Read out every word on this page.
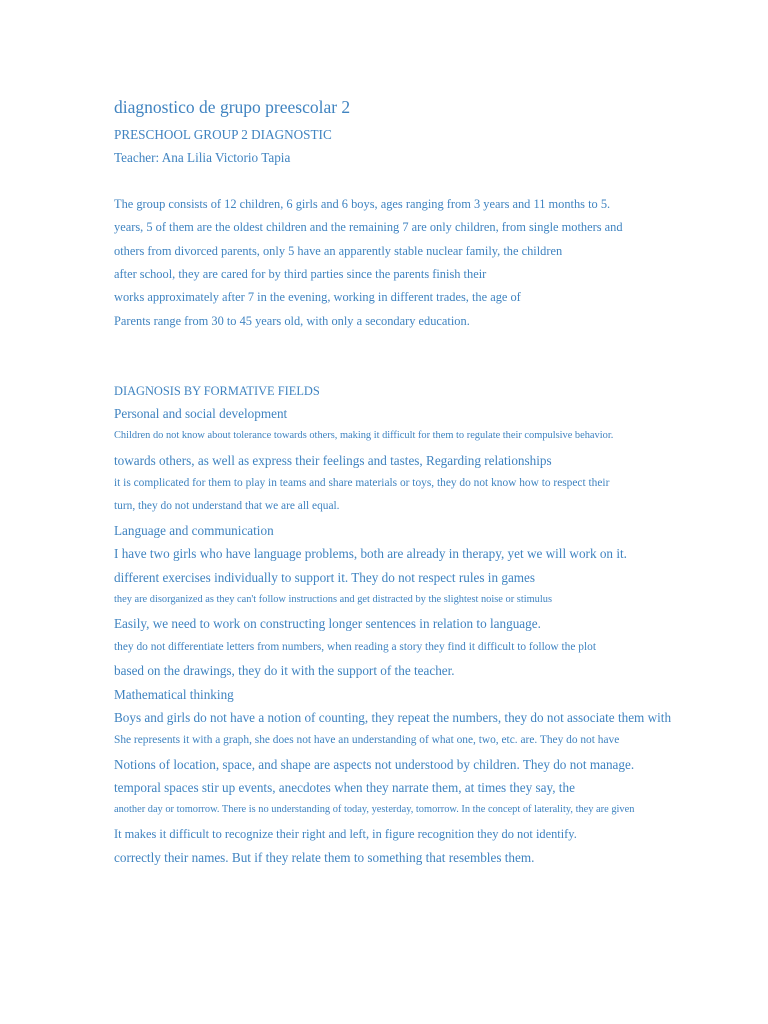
diagnostico de grupo preescolar 2
PRESCHOOL GROUP 2 DIAGNOSTIC
Teacher: Ana Lilia Victorio Tapia
The group consists of 12 children, 6 girls and 6 boys, ages ranging from 3 years and 11 months to 5.
years, 5 of them are the oldest children and the remaining 7 are only children, from single mothers and
others from divorced parents, only 5 have an apparently stable nuclear family, the children
after school, they are cared for by third parties since the parents finish their
works approximately after 7 in the evening, working in different trades, the age of
Parents range from 30 to 45 years old, with only a secondary education.
DIAGNOSIS BY FORMATIVE FIELDS
Personal and social development
Children do not know about tolerance towards others, making it difficult for them to regulate their compulsive behavior.
towards others, as well as express their feelings and tastes, Regarding relationships
it is complicated for them to play in teams and share materials or toys, they do not know how to respect their
turn, they do not understand that we are all equal.
Language and communication
I have two girls who have language problems, both are already in therapy, yet we will work on it.
different exercises individually to support it. They do not respect rules in games
they are disorganized as they can't follow instructions and get distracted by the slightest noise or stimulus
Easily, we need to work on constructing longer sentences in relation to language.
they do not differentiate letters from numbers, when reading a story they find it difficult to follow the plot
based on the drawings, they do it with the support of the teacher.
Mathematical thinking
Boys and girls do not have a notion of counting, they repeat the numbers, they do not associate them with
She represents it with a graph, she does not have an understanding of what one, two, etc. are. They do not have
Notions of location, space, and shape are aspects not understood by children. They do not manage.
temporal spaces stir up events, anecdotes when they narrate them, at times they say, the
another day or tomorrow. There is no understanding of today, yesterday, tomorrow. In the concept of laterality, they are given
It makes it difficult to recognize their right and left, in figure recognition they do not identify.
correctly their names. But if they relate them to something that resembles them.
